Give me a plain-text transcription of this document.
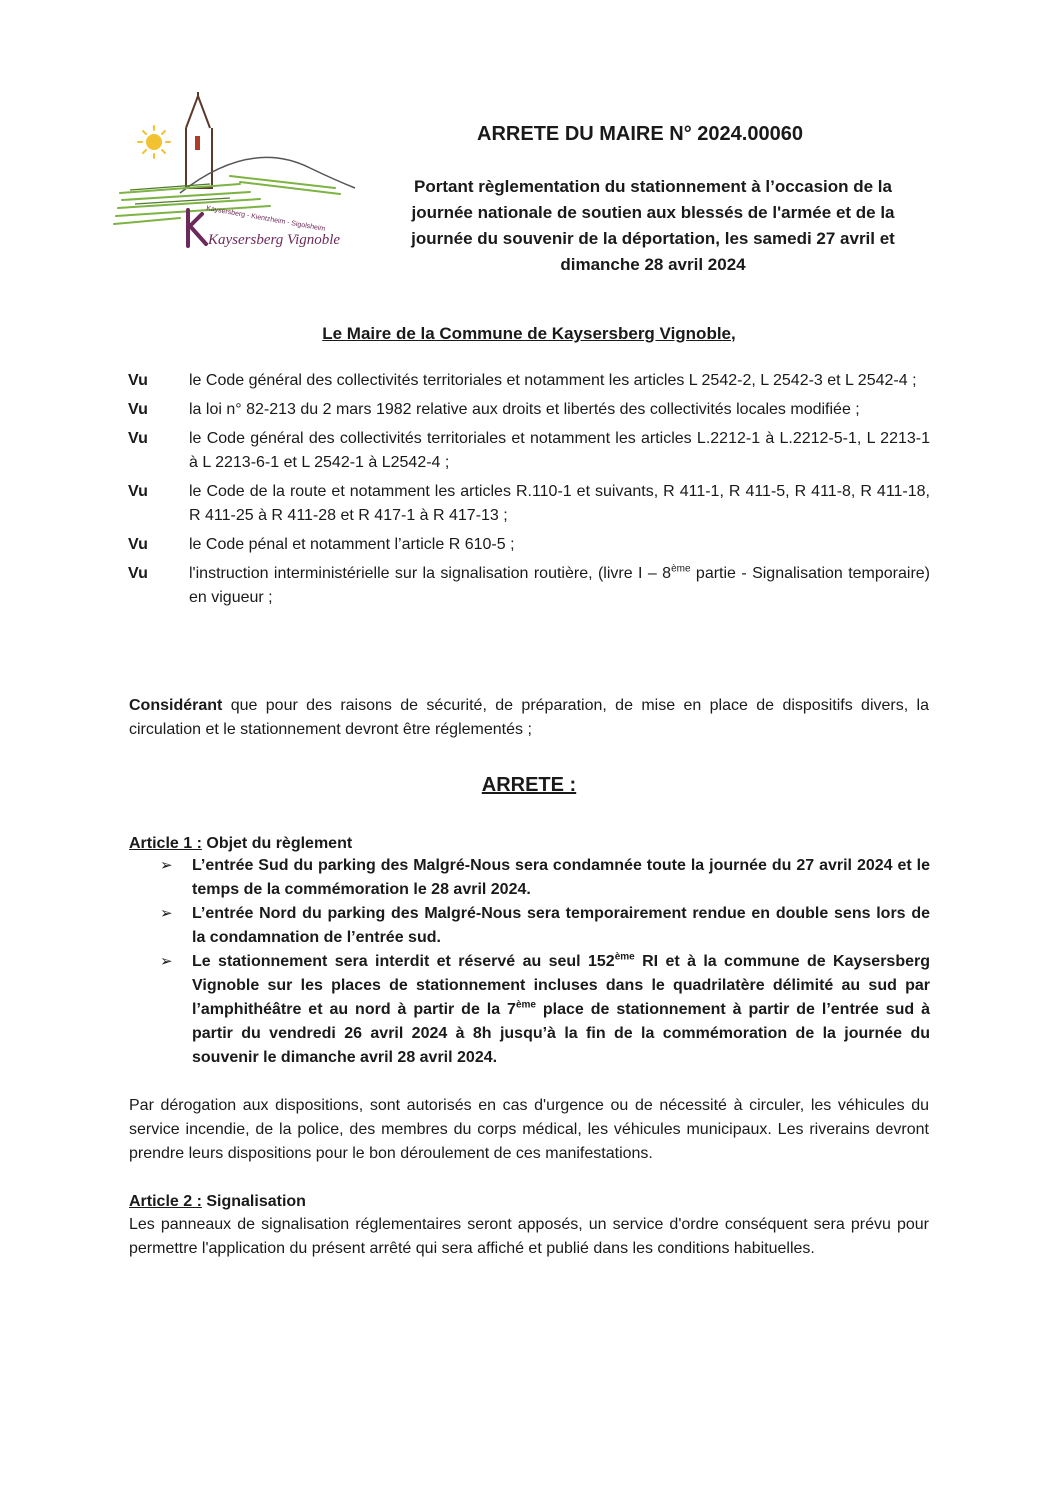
Kaysersberg - Kientzheim - Sigolsheim
Kaysersberg Vignoble
ARRETE DU MAIRE N° 2024.00060

Portant règlementation du stationnement à l’occasion de la journée nationale de soutien aux blessés de l'armée et de la journée du souvenir de la déportation, les samedi 27 avril et dimanche 28 avril 2024

Le Maire de la Commune de Kaysersberg Vignoble,

Vu	le Code général des collectivités territoriales et notamment les articles L 2542-2, L 2542-3 et L 2542-4 ;
Vu	la loi n° 82-213 du 2 mars 1982 relative aux droits et libertés des collectivités locales modifiée ;
Vu	le Code général des collectivités territoriales et notamment les articles L.2212-1 à L.2212-5-1, L 2213-1 à L 2213-6-1 et L 2542-1 à L2542-4 ;
Vu	le Code de la route et notamment les articles R.110-1 et suivants, R 411-1, R 411-5, R 411-8, R 411-18, R 411-25 à R 411-28 et R 417-1 à R 417-13 ;
Vu	le Code pénal et notamment l’article R 610-5 ;
Vu	l'instruction interministérielle sur la signalisation routière, (livre I – 8ème partie - Signalisation temporaire) en vigueur ;

Considérant que pour des raisons de sécurité, de préparation, de mise en place de dispositifs divers, la circulation et le stationnement devront être réglementés ;

ARRETE :

Article 1 : Objet du règlement

➢	L’entrée Sud du parking des Malgré-Nous sera condamnée toute la journée du 27 avril 2024 et le temps de la commémoration le 28 avril 2024.
➢	L’entrée Nord du parking des Malgré-Nous sera temporairement rendue en double sens lors de la condamnation de l’entrée sud.
➢	Le stationnement sera interdit et réservé au seul 152ème RI et à la commune de Kaysersberg Vignoble sur les places de stationnement incluses dans le quadrilatère délimité au sud par l’amphithéâtre et au nord à partir de la 7ème place de stationnement à partir de l’entrée sud à partir du vendredi 26 avril 2024 à 8h jusqu’à la fin de la commémoration de la journée du souvenir le dimanche avril 28 avril 2024.

Par dérogation aux dispositions, sont autorisés en cas d'urgence ou de nécessité à circuler, les véhicules du service incendie, de la police, des membres du corps médical, les véhicules municipaux. Les riverains devront prendre leurs dispositions pour le bon déroulement de ces manifestations.

Article 2 : Signalisation

Les panneaux de signalisation réglementaires seront apposés, un service d'ordre conséquent sera prévu pour permettre l'application du présent arrêté qui sera affiché et publié dans les conditions habituelles.
